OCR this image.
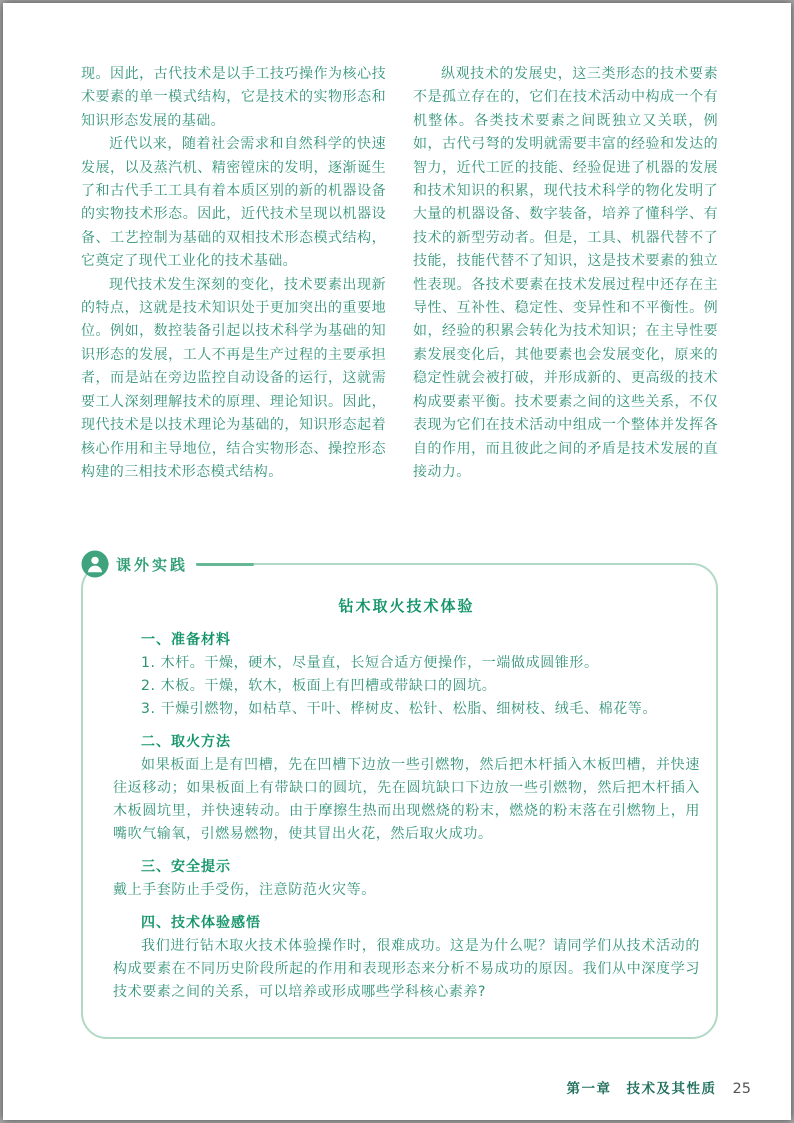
现。因此，古代技术是以手工技巧操作为核心技术要素的单一模式结构，它是技术的实物形态和知识形态发展的基础。

近代以来，随着社会需求和自然科学的快速发展，以及蒸汽机、精密镗床的发明，逐渐诞生了和古代手工工具有着本质区别的新的机器设备的实物技术形态。因此，近代技术呈现以机器设备、工艺控制为基础的双相技术形态模式结构，它奠定了现代工业化的技术基础。

现代技术发生深刻的变化，技术要素出现新的特点，这就是技术知识处于更加突出的重要地位。例如，数控装备引起以技术科学为基础的知识形态的发展，工人不再是生产过程的主要承担者，而是站在旁边监控自动设备的运行，这就需要工人深刻理解技术的原理、理论知识。因此，现代技术是以技术理论为基础的，知识形态起着核心作用和主导地位，结合实物形态、操控形态构建的三相技术形态模式结构。

纵观技术的发展史，这三类形态的技术要素不是孤立存在的，它们在技术活动中构成一个有机整体。各类技术要素之间既独立又关联，例如，古代弓弩的发明就需要丰富的经验和发达的智力，近代工匠的技能、经验促进了机器的发展和技术知识的积累，现代技术科学的物化发明了大量的机器设备、数字装备，培养了懂科学、有技术的新型劳动者。但是，工具、机器代替不了技能，技能代替不了知识，这是技术要素的独立性表现。各技术要素在技术发展过程中还存在主导性、互补性、稳定性、变异性和不平衡性。例如，经验的积累会转化为技术知识；在主导性要素发展变化后，其他要素也会发展变化，原来的稳定性就会被打破，并形成新的、更高级的技术构成要素平衡。技术要素之间的这些关系，不仅表现为它们在技术活动中组成一个整体并发挥各自的作用，而且彼此之间的矛盾是技术发展的直接动力。

课外实践
钻木取火技术体验
一、准备材料

1. 木杆。干燥，硬木，尽量直，长短合适方便操作，一端做成圆锥形。

2. 木板。干燥，软木，板面上有凹槽或带缺口的圆坑。

3. 干燥引燃物，如枯草、干叶、桦树皮、松针、松脂、细树枝、绒毛、棉花等。

二、取火方法

如果板面上是有凹槽，先在凹槽下边放一些引燃物，然后把木杆插入木板凹槽，并快速往返移动；如果板面上有带缺口的圆坑，先在圆坑缺口下边放一些引燃物，然后把木杆插入木板圆坑里，并快速转动。由于摩擦生热而出现燃烧的粉末，燃烧的粉末落在引燃物上，用嘴吹气输氧，引燃易燃物，使其冒出火花，然后取火成功。

三、安全提示

戴上手套防止手受伤，注意防范火灾等。

四、技术体验感悟

我们进行钻木取火技术体验操作时，很难成功。这是为什么呢？请同学们从技术活动的构成要素在不同历史阶段所起的作用和表现形态来分析不易成功的原因。我们从中深度学习技术要素之间的关系，可以培养或形成哪些学科核心素养?

第一章　技术及其性质 25
